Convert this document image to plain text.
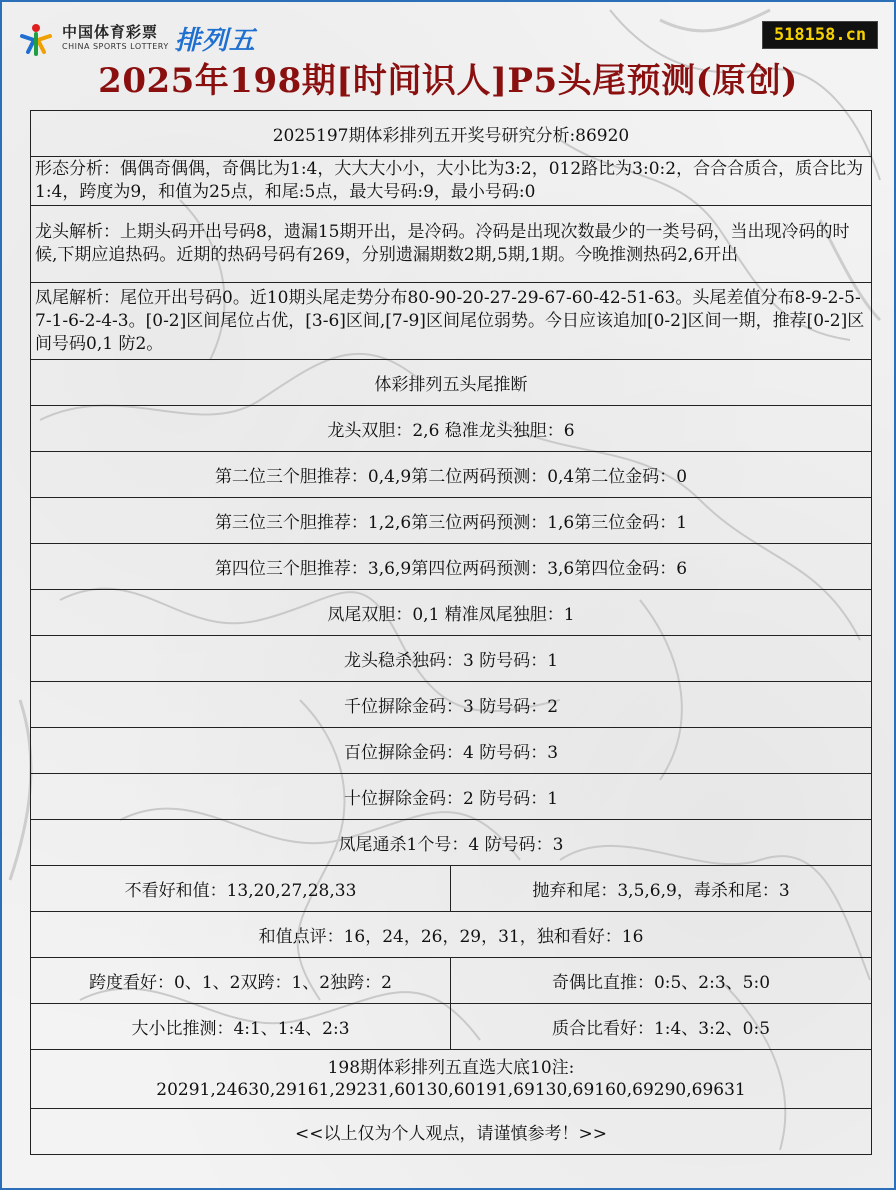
中国体育彩票
CHINA SPORTS LOTTERY 排列五	518158.cn
2025年198期[时间识人]P5头尾预测(原创)
2025197期体彩排列五开奖号研究分析:86920	
形态分析：偶偶奇偶偶，奇偶比为1:4，大大大小小，大小比为3:2，012路比为3:0:2，合合合质合，质合比为1:4，跨度为9，和值为25点，和尾:5点，最大号码:9，最小号码:0	
龙头解析：上期头码开出号码8，遗漏15期开出，是冷码。冷码是出现次数最少的一类号码，当出现冷码的时候,下期应追热码。近期的热码号码有269，分别遗漏期数2期,5期,1期。今晚推测热码2,6开出	
凤尾解析：尾位开出号码0。近10期头尾走势分布80-90-20-27-29-67-60-42-51-63。头尾差值分布8-9-2-5-7-1-6-2-4-3。[0-2]区间尾位占优，[3-6]区间,[7-9]区间尾位弱势。今日应该追加[0-2]区间一期，推荐[0-2]区间号码0,1 防2。	
体彩排列五头尾推断	
龙头双胆：2,6 稳准龙头独胆：6	
第二位三个胆推荐：0,4,9第二位两码预测：0,4第二位金码：0	
第三位三个胆推荐：1,2,6第三位两码预测：1,6第三位金码：1	
第四位三个胆推荐：3,6,9第四位两码预测：3,6第四位金码：6	
凤尾双胆：0,1 精准凤尾独胆：1	
龙头稳杀独码：3 防号码：1	
千位摒除金码：3 防号码：2	
百位摒除金码：4 防号码：3	
十位摒除金码：2 防号码：1	
凤尾通杀1个号：4 防号码：3	
不看好和值：13,20,27,28,33	抛弃和尾：3,5,6,9，毒杀和尾：3
和值点评：16，24，26，29，31，独和看好：16	
跨度看好：0、1、2双跨：1、2独跨：2	奇偶比直推：0:5、2:3、5:0
大小比推测：4:1、1:4、2:3	质合比看好：1:4、3:2、0:5

198期体彩排列五直选大底10注:
20291,24630,29161,29231,60130,60191,69130,69160,69290,69631	

<<以上仅为个人观点，请谨慎参考！>>	
